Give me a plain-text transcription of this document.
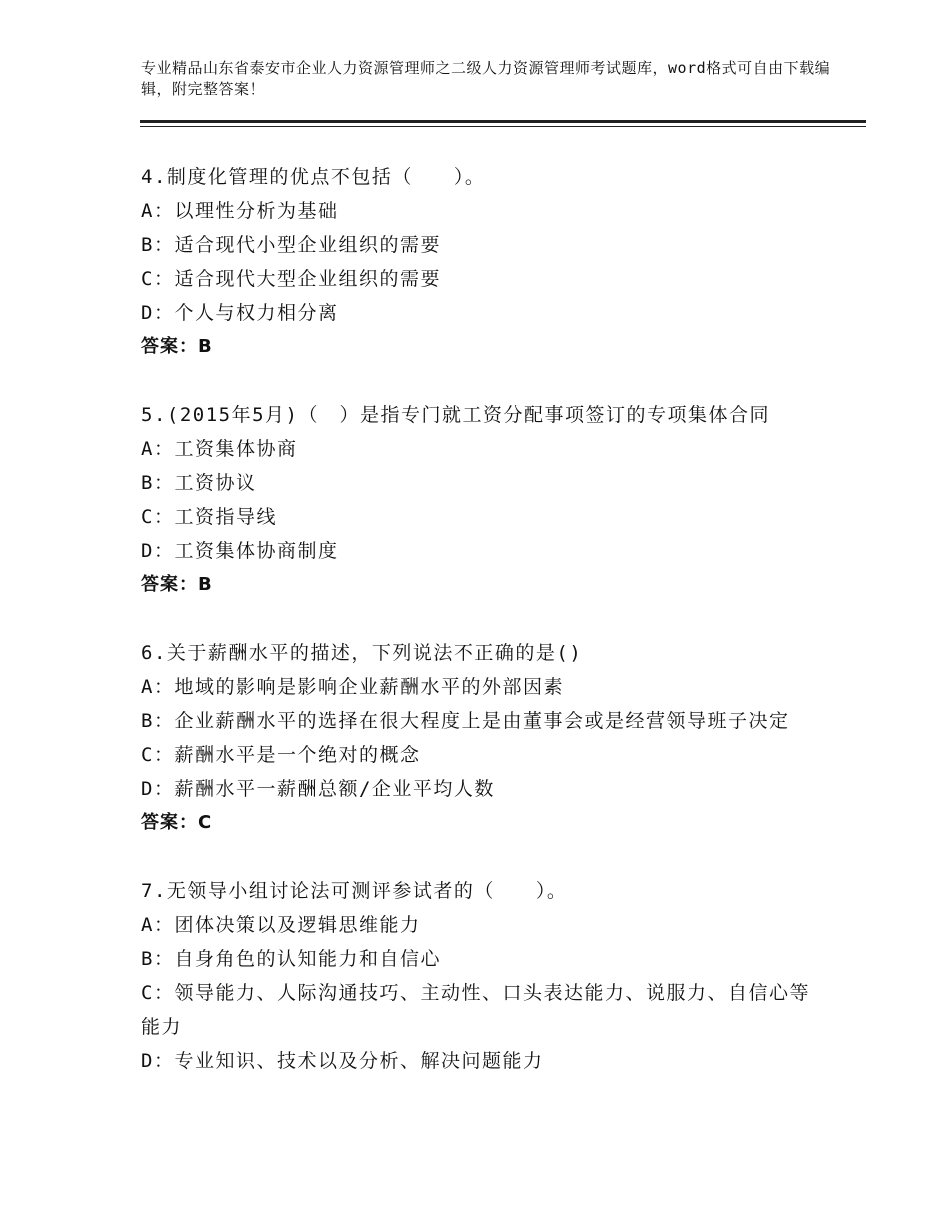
专业精品山东省泰安市企业人力资源管理师之二级人力资源管理师考试题库，word格式可自由下载编辑，附完整答案！
4.制度化管理的优点不包括（　　）。
A：以理性分析为基础
B：适合现代小型企业组织的需要
C：适合现代大型企业组织的需要
D：个人与权力相分离
答案：B
5.(2015年5月)（　）是指专门就工资分配事项签订的专项集体合同
A：工资集体协商
B：工资协议
C：工资指导线
D：工资集体协商制度
答案：B
6.关于薪酬水平的描述，下列说法不正确的是()
A：地域的影响是影响企业薪酬水平的外部因素
B：企业薪酬水平的选择在很大程度上是由董事会或是经营领导班子决定
C：薪酬水平是一个绝对的概念
D：薪酬水平一薪酬总额/企业平均人数
答案：C
7.无领导小组讨论法可测评参试者的（　　）。
A：团体决策以及逻辑思维能力
B：自身角色的认知能力和自信心
C：领导能力、人际沟通技巧、主动性、口头表达能力、说服力、自信心等能力
D：专业知识、技术以及分析、解决问题能力
